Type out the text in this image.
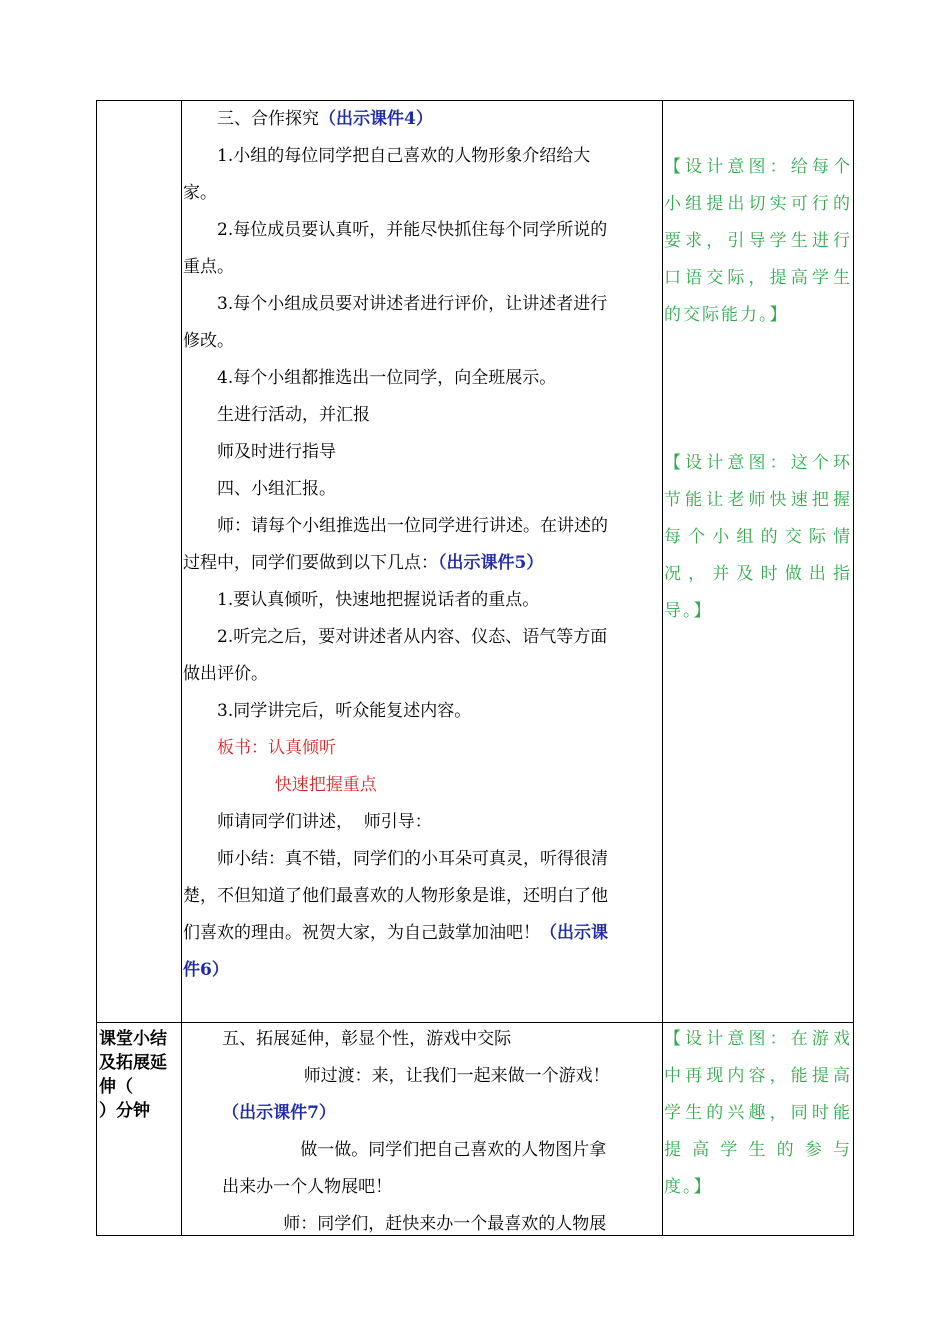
三、合作探究（出示课件4）

1.小组的每位同学把自己喜欢的人物形象介绍给大

家。

2.每位成员要认真听，并能尽快抓住每个同学所说的

重点。

3.每个小组成员要对讲述者进行评价，让讲述者进行

修改。

4.每个小组都推选出一位同学，向全班展示。

生进行活动，并汇报

师及时进行指导

四、小组汇报。

师：请每个小组推选出一位同学进行讲述。在讲述的

过程中，同学们要做到以下几点：（出示课件5）

1.要认真倾听，快速地把握说话者的重点。

2.听完之后，要对讲述者从内容、仪态、语气等方面

做出评价。

3.同学讲完后，听众能复述内容。

板书：认真倾听

快速把握重点

师请同学们讲述，  师引导：

师小结：真不错，同学们的小耳朵可真灵，听得很清

楚，不但知道了他们最喜欢的人物形象是谁，还明白了他

们喜欢的理由。祝贺大家，为自己鼓掌加油吧！（出示课

件6）

【设计意图：给每个

小组提出切实可行的

要求，引导学生进行

口语交际，提高学生

的交际能力。】

【设计意图：这个环

节能让老师快速把握

每个小组的交际情

况，并及时做出指

导。】

课堂小结
及拓展延
伸（
）分钟

五、拓展延伸，彰显个性，游戏中交际

师过渡：来，让我们一起来做一个游戏！

（出示课件7）

做一做。同学们把自己喜欢的人物图片拿

出来办一个人物展吧！

师：同学们，赶快来办一个最喜欢的人物展

【设计意图：在游戏

中再现内容，能提高

学生的兴趣，同时能

提高学生的参与

度。】
